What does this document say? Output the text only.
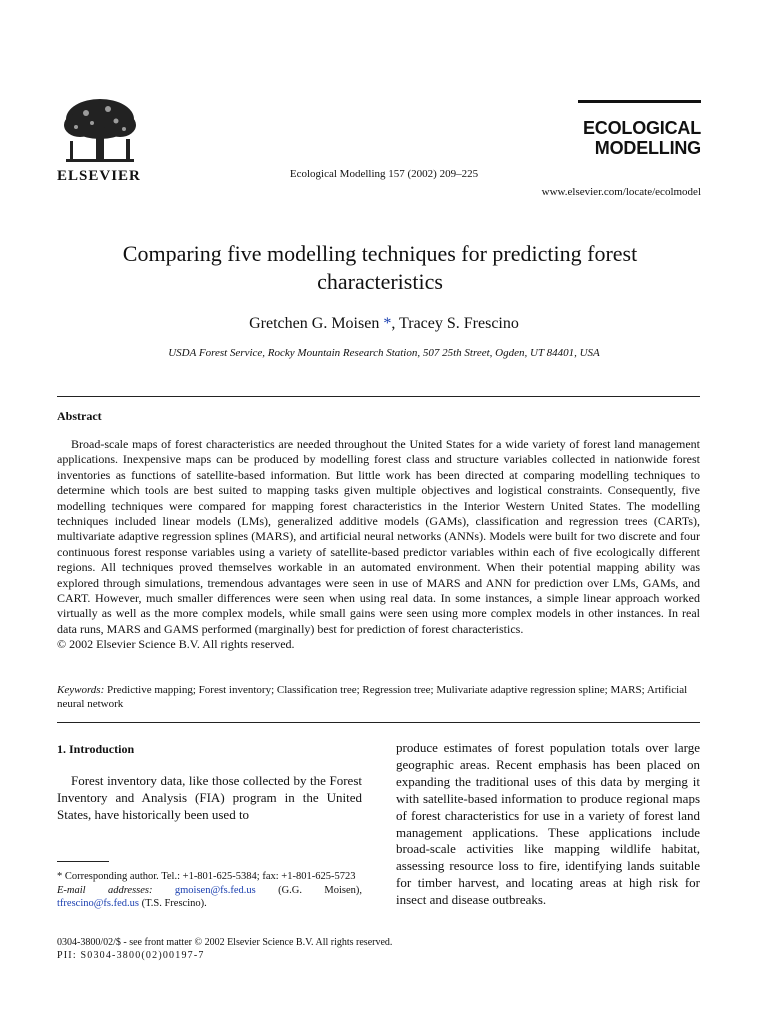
ELSEVIER	Ecological Modelling 157 (2002) 209–225
ECOLOGICAL
MODELLING
www.elsevier.com/locate/ecolmodel
Comparing five modelling techniques for predicting forest characteristics
Gretchen G. Moisen *, Tracey S. Frescino
USDA Forest Service, Rocky Mountain Research Station, 507 25th Street, Ogden, UT 84401, USA
Abstract
Broad-scale maps of forest characteristics are needed throughout the United States for a wide variety of forest land management applications. Inexpensive maps can be produced by modelling forest class and structure variables collected in nationwide forest inventories as functions of satellite-based information. But little work has been directed at comparing modelling techniques to determine which tools are best suited to mapping tasks given multiple objectives and logistical constraints. Consequently, five modelling techniques were compared for mapping forest characteristics in the Interior Western United States. The modelling techniques included linear models (LMs), generalized additive models (GAMs), classification and regression trees (CARTs), multivariate adaptive regression splines (MARS), and artificial neural networks (ANNs). Models were built for two discrete and four continuous forest response variables using a variety of satellite-based predictor variables within each of five ecologically different regions. All techniques proved themselves workable in an automated environment. When their potential mapping ability was explored through simulations, tremendous advantages were seen in use of MARS and ANN for prediction over LMs, GAMs, and CART. However, much smaller differences were seen when using real data. In some instances, a simple linear approach worked virtually as well as the more complex models, while small gains were seen using more complex models in other instances. In real data runs, MARS and GAMS performed (marginally) best for prediction of forest characteristics.
© 2002 Elsevier Science B.V. All rights reserved.
Keywords: Predictive mapping; Forest inventory; Classification tree; Regression tree; Mulivariate adaptive regression spline; MARS; Artificial neural network
1. Introduction
Forest inventory data, like those collected by the Forest Inventory and Analysis (FIA) program in the United States, have historically been used to
* Corresponding author. Tel.: +1-801-625-5384; fax: +1-801-625-5723
E-mail addresses: gmoisen@fs.fed.us (G.G. Moisen), tfrescino@fs.fed.us (T.S. Frescino).
0304-3800/02/$ - see front matter © 2002 Elsevier Science B.V. All rights reserved.
PII: S0304-3800(02)00197-7
produce estimates of forest population totals over large geographic areas. Recent emphasis has been placed on expanding the traditional uses of this data by merging it with satellite-based information to produce regional maps of forest characteristics for use in a variety of forest land management applications. These applications include broad-scale activities like mapping wildlife habitat, assessing resource loss to fire, identifying lands suitable for timber harvest, and locating areas at high risk for insect and disease outbreaks.
